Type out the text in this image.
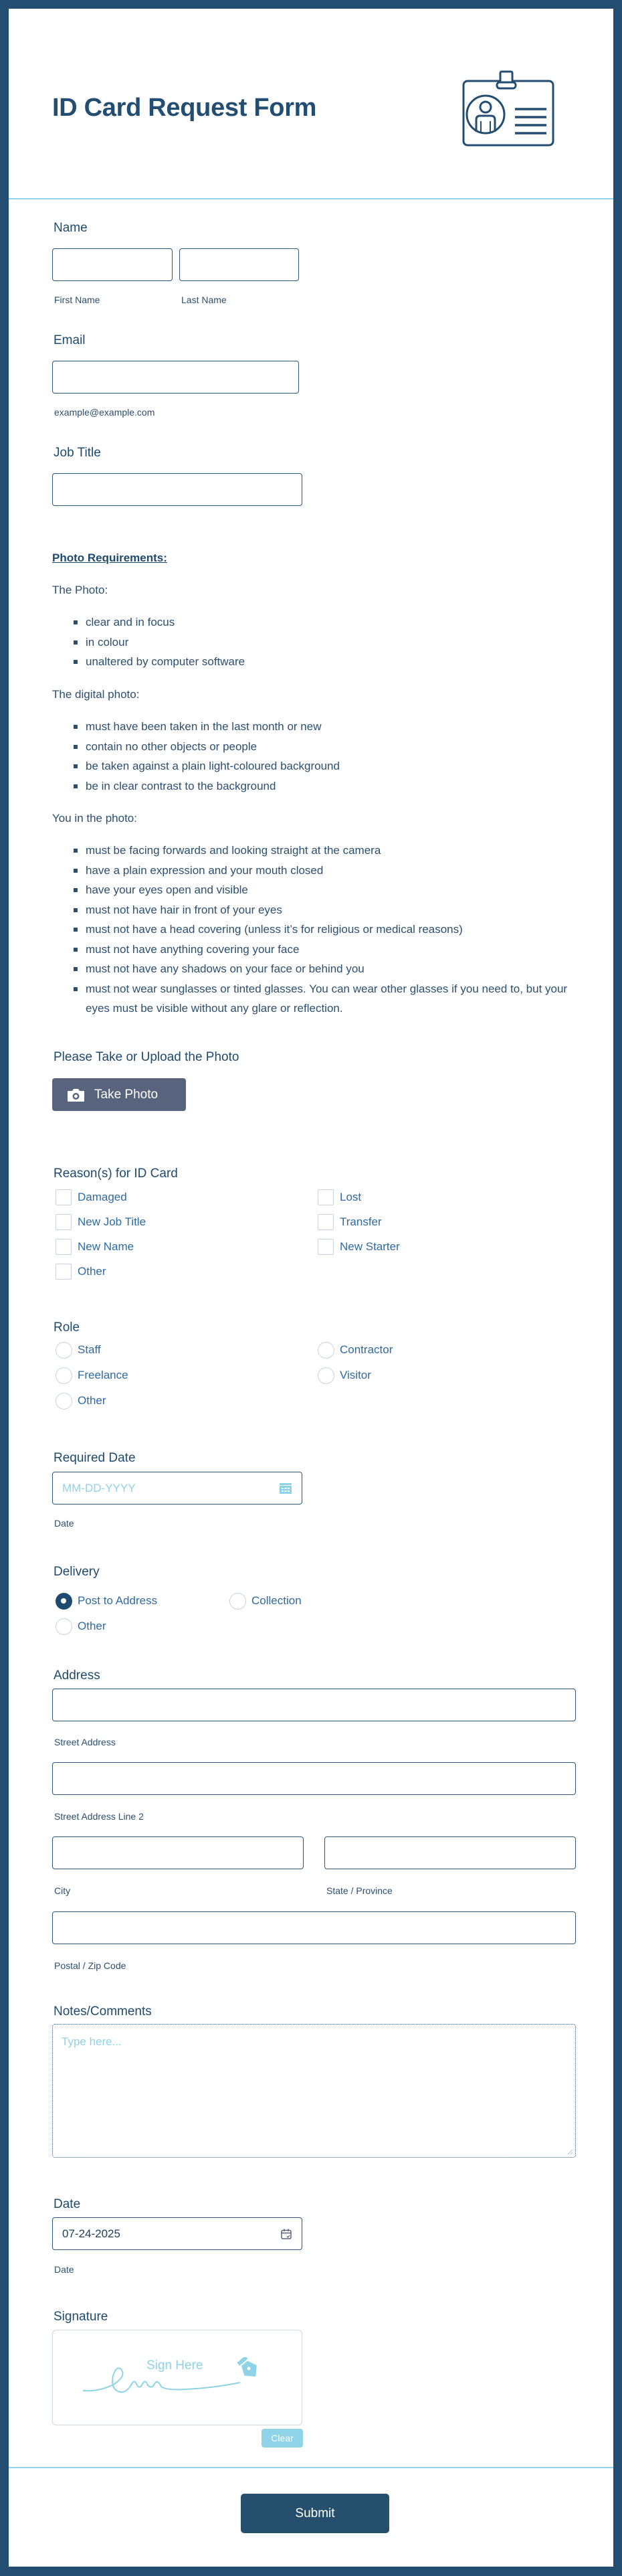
ID Card Request Form
Name
First Name	Last Name
Email
example@example.com
Job Title
Photo Requirements:
The Photo:
clear and in focus
in colour
unaltered by computer software
The digital photo:
must have been taken in the last month or new
contain no other objects or people
be taken against a plain light-coloured background
be in clear contrast to the background
You in the photo:
must be facing forwards and looking straight at the camera
have a plain expression and your mouth closed
have your eyes open and visible
must not have hair in front of your eyes
must not have a head covering (unless it’s for religious or medical reasons)
must not have anything covering your face
must not have any shadows on your face or behind you
must not wear sunglasses or tinted glasses. You can wear other glasses if you need to, but your eyes must be visible without any glare or reflection.
Please Take or Upload the Photo
Take Photo
Reason(s) for ID Card
Damaged	Lost
New Job Title	Transfer
New Name	New Starter
Other
Role
Staff	Contractor
Freelance	Visitor
Other
Required Date
MM-DD-YYYY
Date
Delivery
Post to Address	Collection
Other
Address
Street Address
Street Address Line 2
City	State / Province
Postal / Zip Code
Notes/Comments
Type here...
Date
07-24-2025
Date
Signature
Sign Here
Clear
Submit
